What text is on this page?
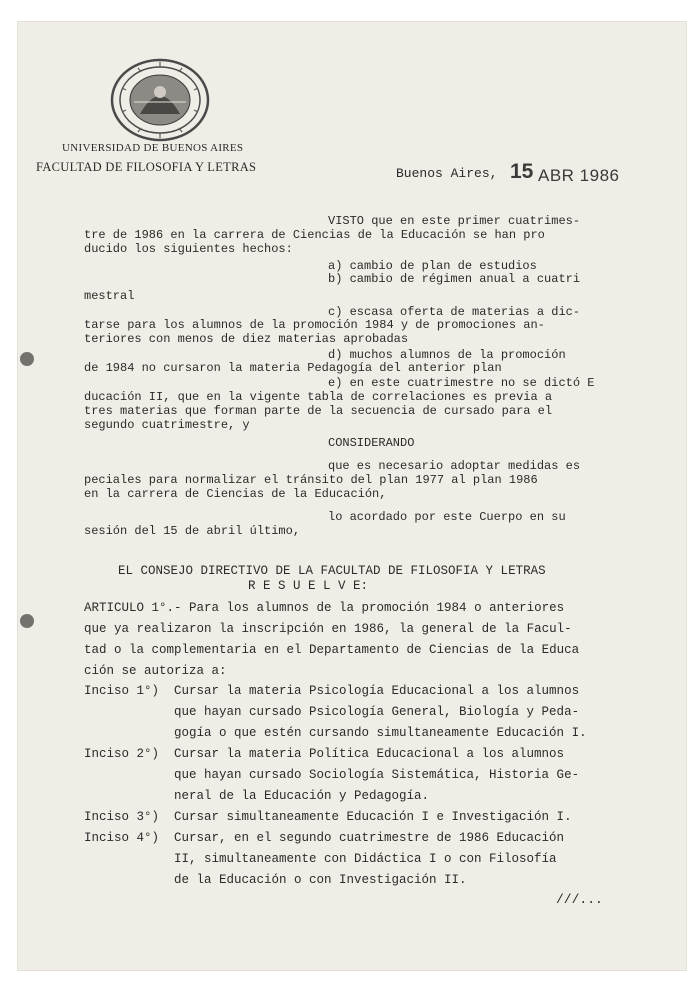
UNIVERSIDAD DE BUENOS AIRES
FACULTAD DE FILOSOFIA Y LETRAS	Buenos Aires, 15 ABR 1986
VISTO que en este primer cuatrimes-
tre de 1986 en la carrera de Ciencias de la Educación se han pro
ducido los siguientes hechos:
a) cambio de plan de estudios
b) cambio de régimen anual a cuatri
mestral
c) escasa oferta de materias a dic-
tarse para los alumnos de la promoción 1984 y de promociones an-
teriores con menos de diez materias aprobadas
d) muchos alumnos de la promoción
de 1984 no cursaron la materia Pedagogía del anterior plan
e) en este cuatrimestre no se dictó E
ducación II, que en la vigente tabla de correlaciones es previa a
tres materias que forman parte de la secuencia de cursado para el
segundo cuatrimestre, y
CONSIDERANDO
que es necesario adoptar medidas es
peciales para normalizar el tránsito del plan 1977 al plan 1986
en la carrera de Ciencias de la Educación,
lo acordado por este Cuerpo en su
sesión del 15 de abril último,
EL CONSEJO DIRECTIVO DE LA FACULTAD DE FILOSOFIA Y LETRAS
R E S U E L V E:
ARTICULO 1°.- Para los alumnos de la promoción 1984 o anteriores
que ya realizaron la inscripción en 1986, la general de la Facul-
tad o la complementaria en el Departamento de Ciencias de la Educa
ción se autoriza a:
Inciso 1°) Cursar la materia Psicología Educacional a los alumnos
que hayan cursado Psicología General, Biología y Peda-
gogía o que estén cursando simultaneamente Educación I.
Inciso 2°) Cursar la materia Política Educacional a los alumnos
que hayan cursado Sociología Sistemática, Historia Ge-
neral de la Educación y Pedagogía.
Inciso 3°) Cursar simultaneamente Educación I e Investigación I.
Inciso 4°) Cursar, en el segundo cuatrimestre de 1986 Educación
II, simultaneamente con Didáctica I o con Filosofía
de la Educación o con Investigación II.
///...
